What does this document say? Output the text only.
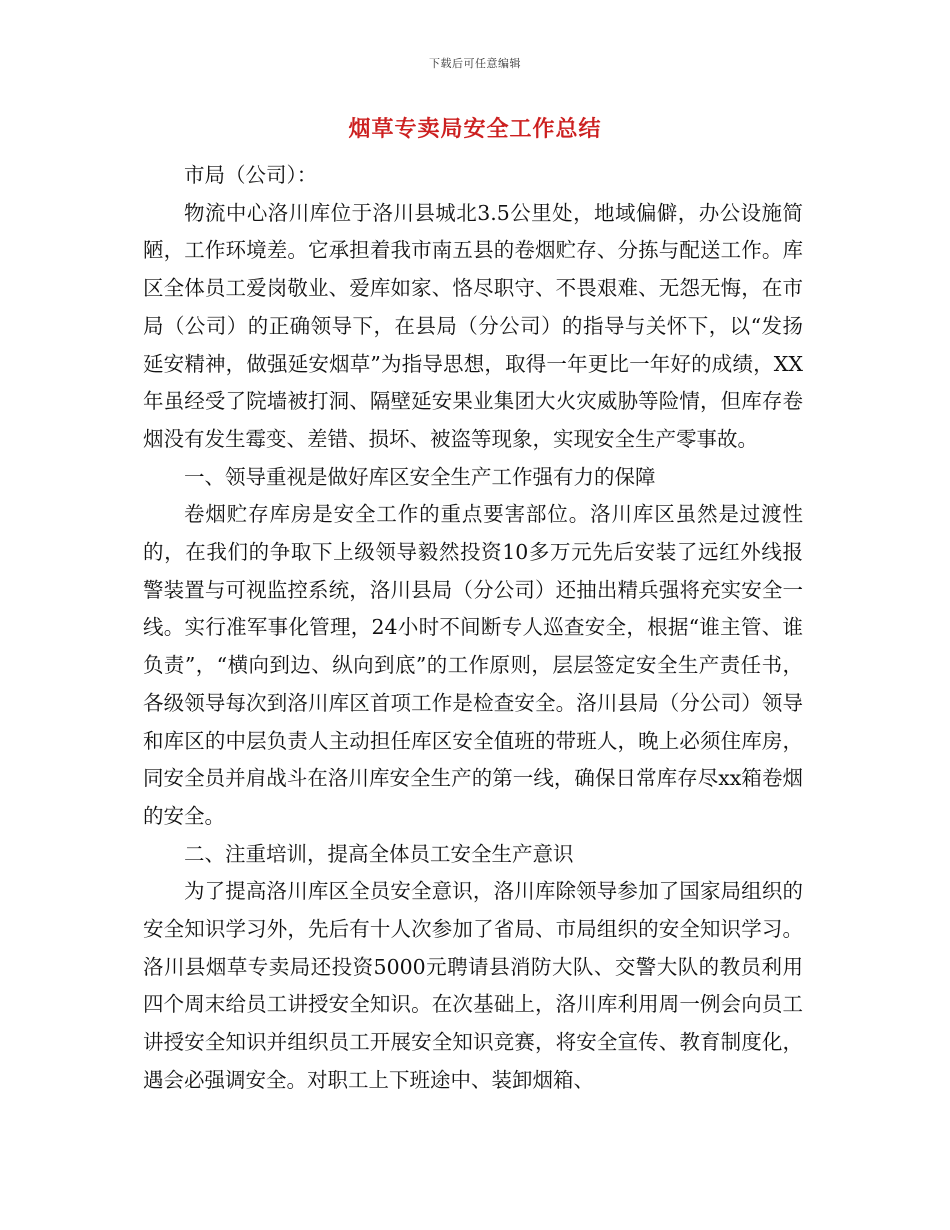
下载后可任意编辑
烟草专卖局安全工作总结

市局（公司）：

物流中心洛川库位于洛川县城北3.5公里处，地域偏僻，办公设施简陋，工作环境差。它承担着我市南五县的卷烟贮存、分拣与配送工作。库区全体员工爱岗敬业、爱库如家、恪尽职守、不畏艰难、无怨无悔，在市局（公司）的正确领导下，在县局（分公司）的指导与关怀下，以“发扬延安精神，做强延安烟草”为指导思想，取得一年更比一年好的成绩，XX年虽经受了院墙被打洞、隔壁延安果业集团大火灾威胁等险情，但库存卷烟没有发生霉变、差错、损坏、被盗等现象，实现安全生产零事故。

一、领导重视是做好库区安全生产工作强有力的保障

卷烟贮存库房是安全工作的重点要害部位。洛川库区虽然是过渡性的，在我们的争取下上级领导毅然投资10多万元先后安装了远红外线报警装置与可视监控系统，洛川县局（分公司）还抽出精兵强将充实安全一线。实行准军事化管理，24小时不间断专人巡查安全，根据“谁主管、谁负责”，“横向到边、纵向到底”的工作原则，层层签定安全生产责任书，各级领导每次到洛川库区首项工作是检查安全。洛川县局（分公司）领导和库区的中层负责人主动担任库区安全值班的带班人，晚上必须住库房，同安全员并肩战斗在洛川库安全生产的第一线，确保日常库存尽xx箱卷烟的安全。

二、注重培训，提高全体员工安全生产意识

为了提高洛川库区全员安全意识，洛川库除领导参加了国家局组织的安全知识学习外，先后有十人次参加了省局、市局组织的安全知识学习。洛川县烟草专卖局还投资5000元聘请县消防大队、交警大队的教员利用四个周末给员工讲授安全知识。在次基础上，洛川库利用周一例会向员工讲授安全知识并组织员工开展安全知识竞赛，将安全宣传、教育制度化，遇会必强调安全。对职工上下班途中、装卸烟箱、
